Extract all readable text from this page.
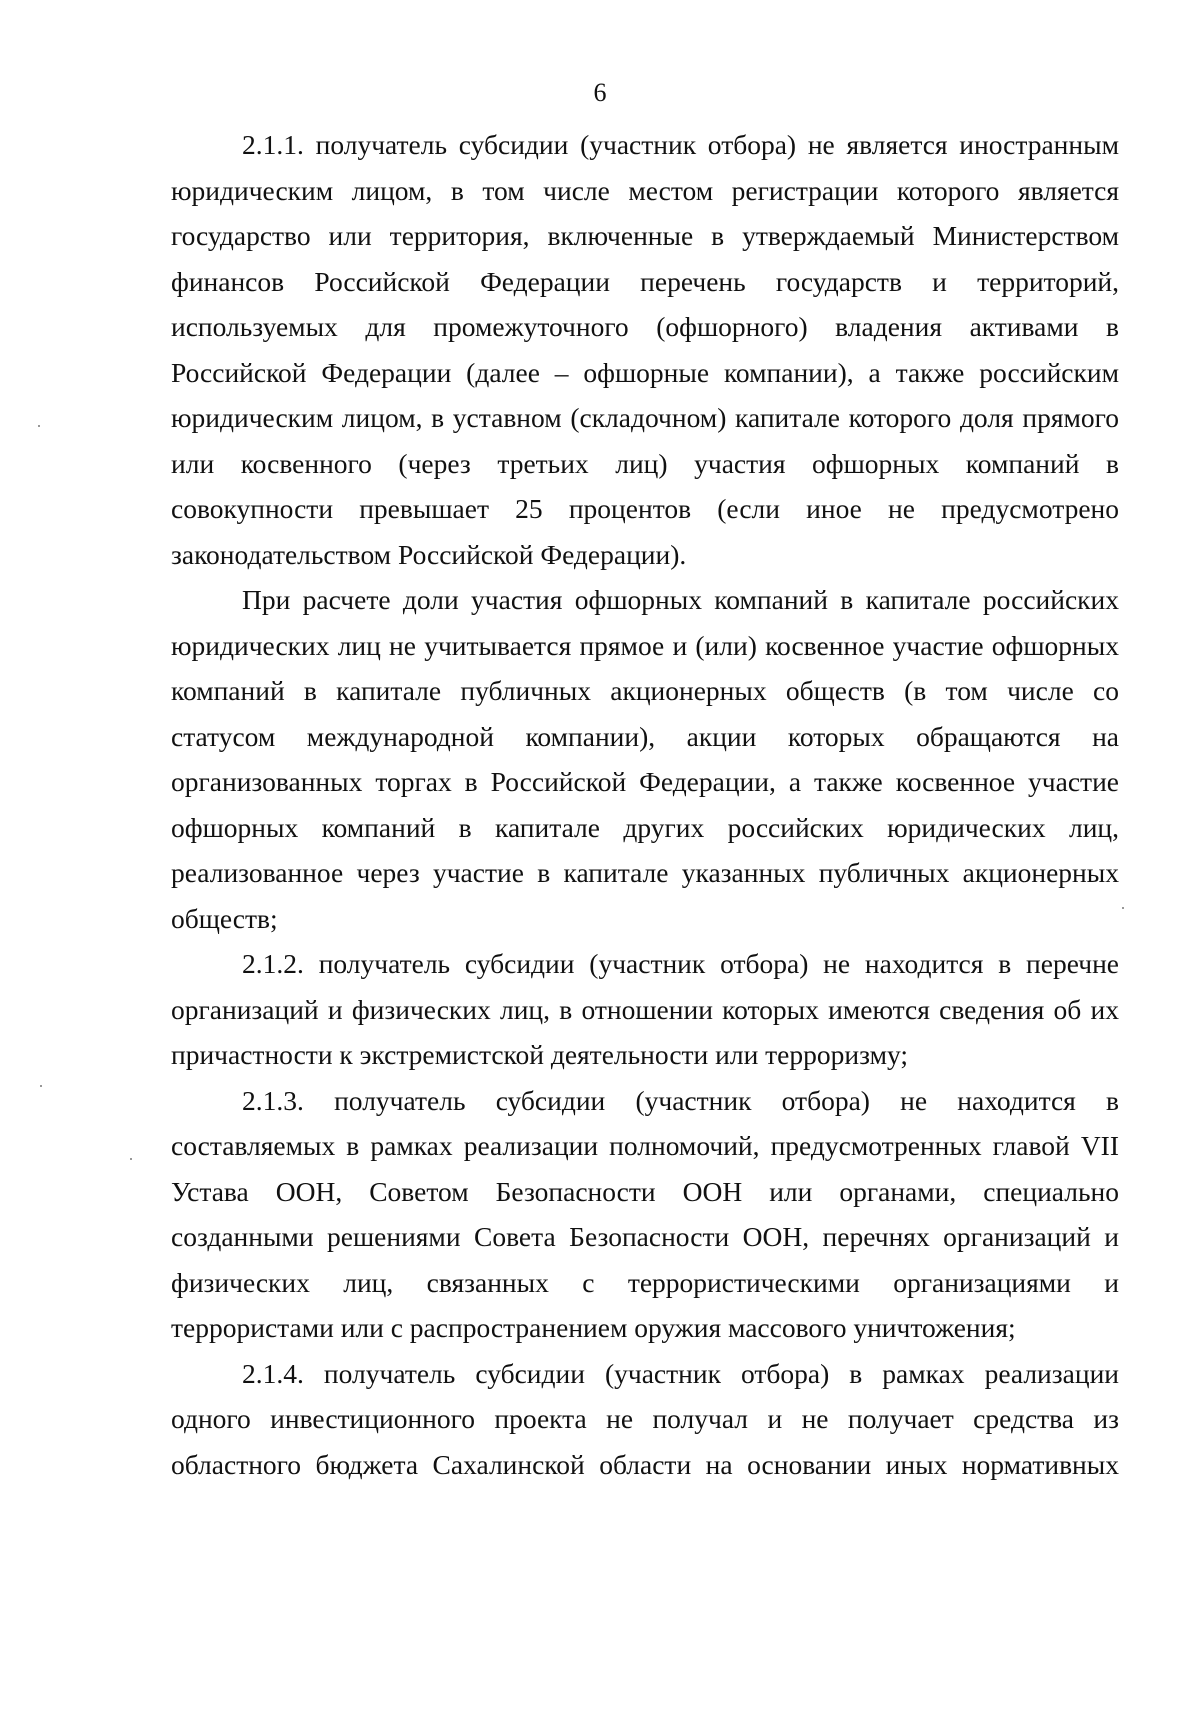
6
2.1.1. получатель субсидии (участник отбора) не является иностранным
юридическим лицом, в том числе местом регистрации которого является
государство или территория, включенные в утверждаемый Министерством
финансов Российской Федерации перечень государств и территорий,
используемых для промежуточного (офшорного) владения активами в
Российской Федерации (далее – офшорные компании), а также российским
юридическим лицом, в уставном (складочном) капитале которого доля прямого
или косвенного (через третьих лиц) участия офшорных компаний в
совокупности превышает 25 процентов (если иное не предусмотрено
законодательством Российской Федерации).
При расчете доли участия офшорных компаний в капитале российских
юридических лиц не учитывается прямое и (или) косвенное участие офшорных
компаний в капитале публичных акционерных обществ (в том числе со
статусом международной компании), акции которых обращаются на
организованных торгах в Российской Федерации, а также косвенное участие
офшорных компаний в капитале других российских юридических лиц,
реализованное через участие в капитале указанных публичных акционерных
обществ;
2.1.2. получатель субсидии (участник отбора) не находится в перечне
организаций и физических лиц, в отношении которых имеются сведения об их
причастности к экстремистской деятельности или терроризму;
2.1.3. получатель субсидии (участник отбора) не находится в
составляемых в рамках реализации полномочий, предусмотренных главой VII
Устава ООН, Советом Безопасности ООН или органами, специально
созданными решениями Совета Безопасности ООН, перечнях организаций и
физических лиц, связанных с террористическими организациями и
террористами или с распространением оружия массового уничтожения;
2.1.4. получатель субсидии (участник отбора) в рамках реализации
одного инвестиционного проекта не получал и не получает средства из
областного бюджета Сахалинской области на основании иных нормативных
